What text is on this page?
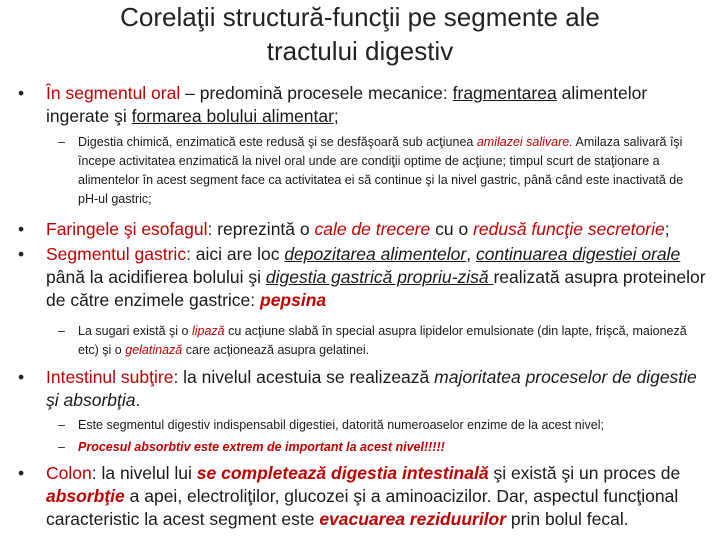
Corelaţii structură-funcţii pe segmente ale
tractului digestiv
•	În segmentul oral – predomină procesele mecanice: fragmentarea alimentelor ingerate şi formarea bolului alimentar;
– Digestia chimică, enzimatică este redusă şi se desfăşoară sub acţiunea amilazei salivare. Amilaza salivară îşi începe activitatea enzimatică la nivel oral unde are condiţii optime de acţiune; timpul scurt de staţionare a alimentelor în acest segment face ca activitatea ei să continue şi la nivel gastric, până când este inactivată de pH-ul gastric;
•	Faringele şi esofagul: reprezintă o cale de trecere cu o redusă funcţie secretorie;
•	Segmentul gastric: aici are loc depozitarea alimentelor, continuarea digestiei orale până la acidifierea bolului şi digestia gastrică propriu-zisă realizată asupra proteinelor de către enzimele gastrice: pepsina
– La sugari există şi o lipază cu acţiune slabă în special asupra lipidelor emulsionate (din lapte, frişcă, maioneză etc) şi o gelatinază care acţionează asupra gelatinei.
•	Intestinul subţire: la nivelul acestuia se realizează majoritatea proceselor de digestie şi absorbţia.
– Este segmentul digestiv indispensabil digestiei, datorită numeroaselor enzime de la acest nivel;
– Procesul absorbtiv este extrem de important la acest nivel!!!!!
•	Colon: la nivelul lui se completează digestia intestinală şi există şi un proces de absorbţie a apei, electroliţilor, glucozei şi a aminoacizilor. Dar, aspectul funcţional caracteristic la acest segment este evacuarea reziduurilor prin bolul fecal.
